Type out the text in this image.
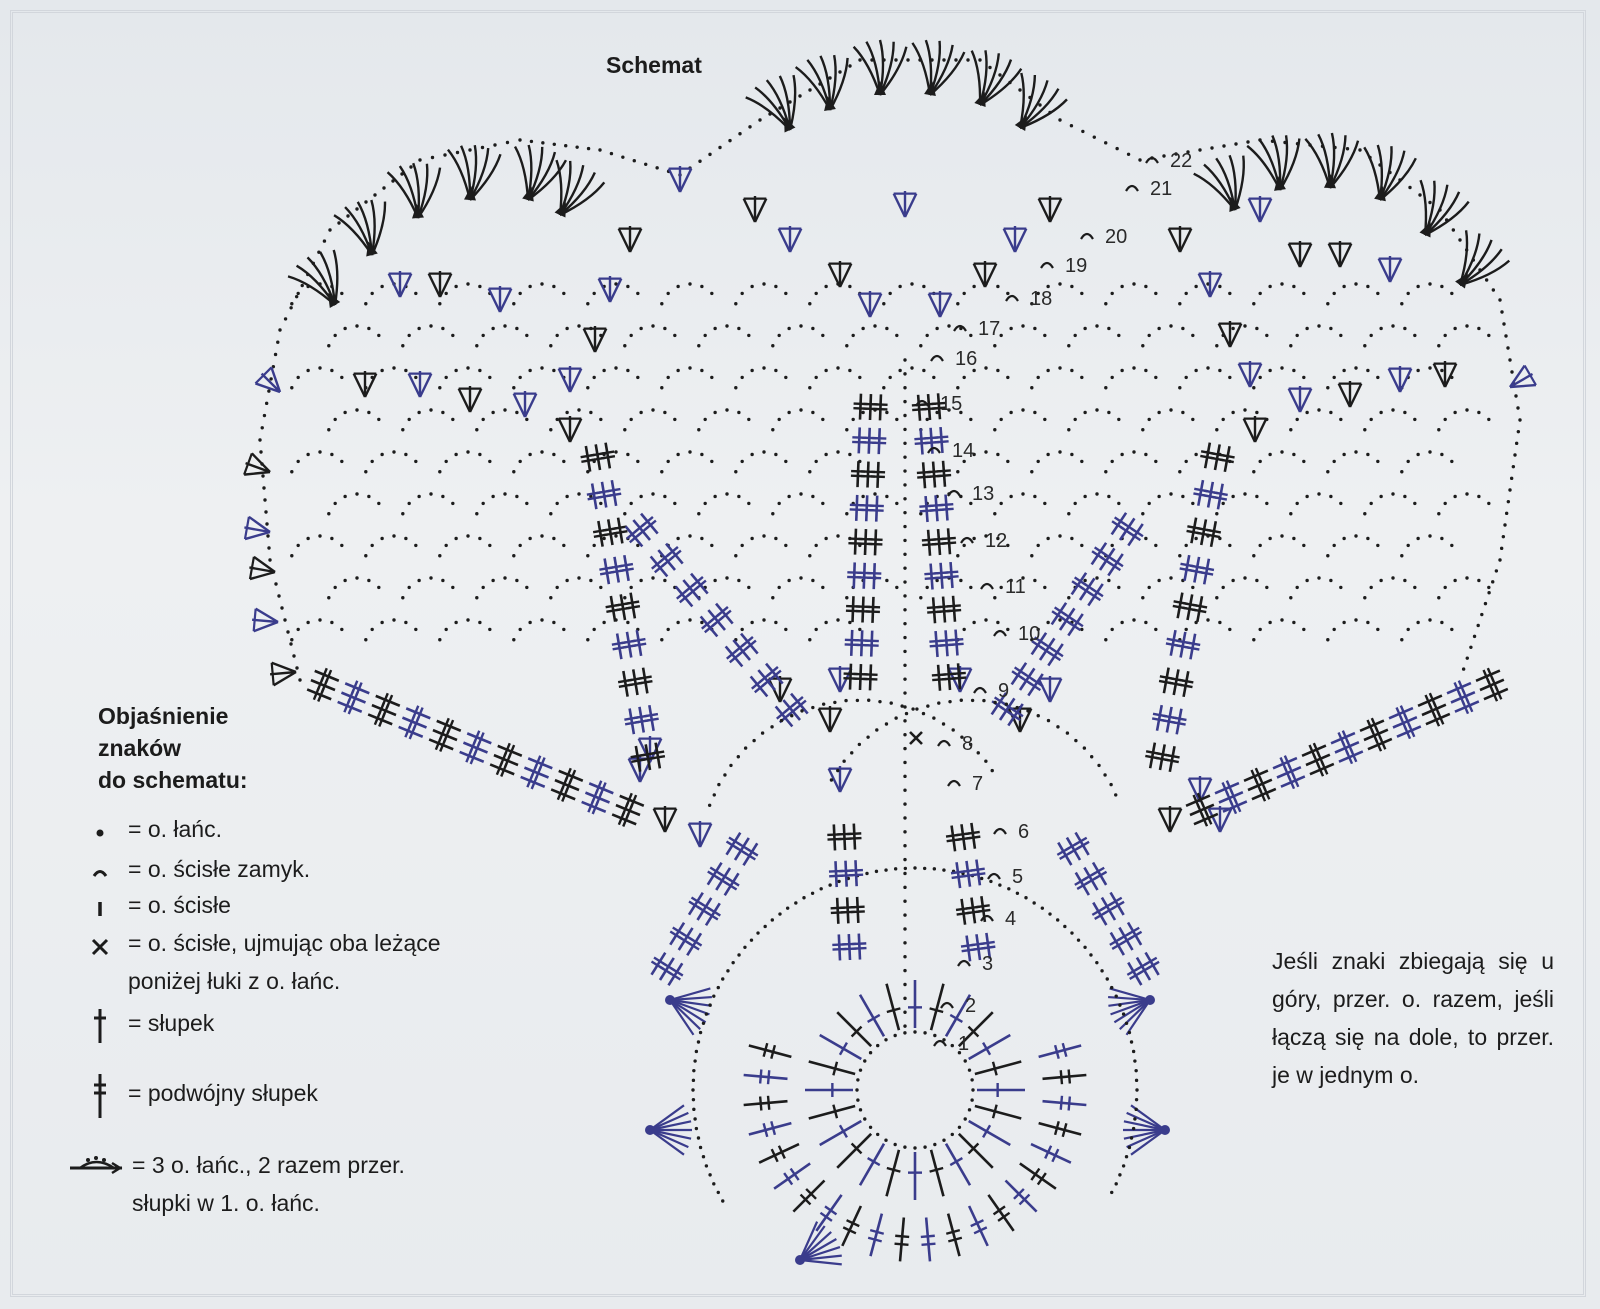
1
2
3
4
5
6
7
8
9
10
11
12
13
14
15
16
17
18
19
20
21
22
Schemat
Objaśnienie
znaków
do schematu:
= o. łańc.
= o. ścisłe zamyk.
= o. ścisłe
= o. ścisłe, ujmując oba leżące
poniżej łuki z o. łańc.
= słupek
= podwójny słupek
= 3 o. łańc., 2 razem przer.
słupki w 1. o. łańc.
Jeśli znaki zbiegają się u góry, przer. o. razem, jeśli łączą się na dole, to przer. je w jednym o.
